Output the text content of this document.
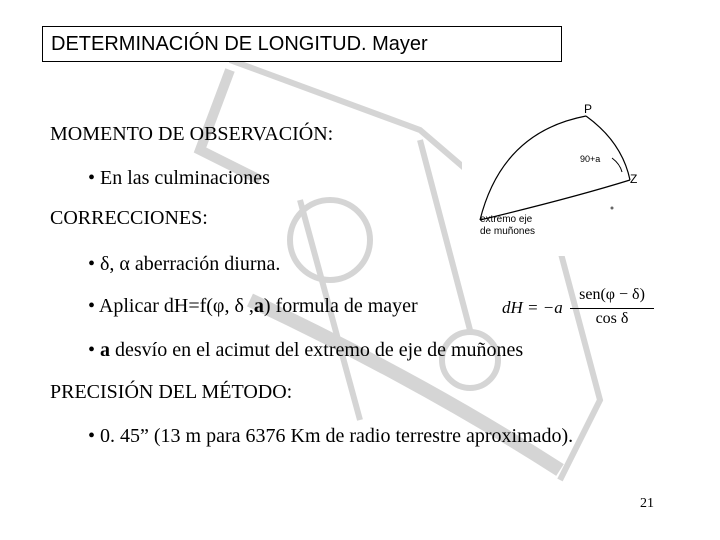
DETERMINACIÓN DE LONGITUD. Mayer
MOMENTO DE OBSERVACIÓN:
• En las culminaciones
CORRECCIONES:
• δ, α aberración diurna.
• Aplicar dH=f(φ, δ ,a) formula de mayer
• a desvío en el acimut del extremo de eje de muñones
PRECISIÓN DEL MÉTODO:
• 0. 45” (13 m para 6376 Km de radio terrestre aproximado).
dH = −a
sen(φ − δ)
cos δ
P
90+a
Z
extremo eje
de muñones
21
